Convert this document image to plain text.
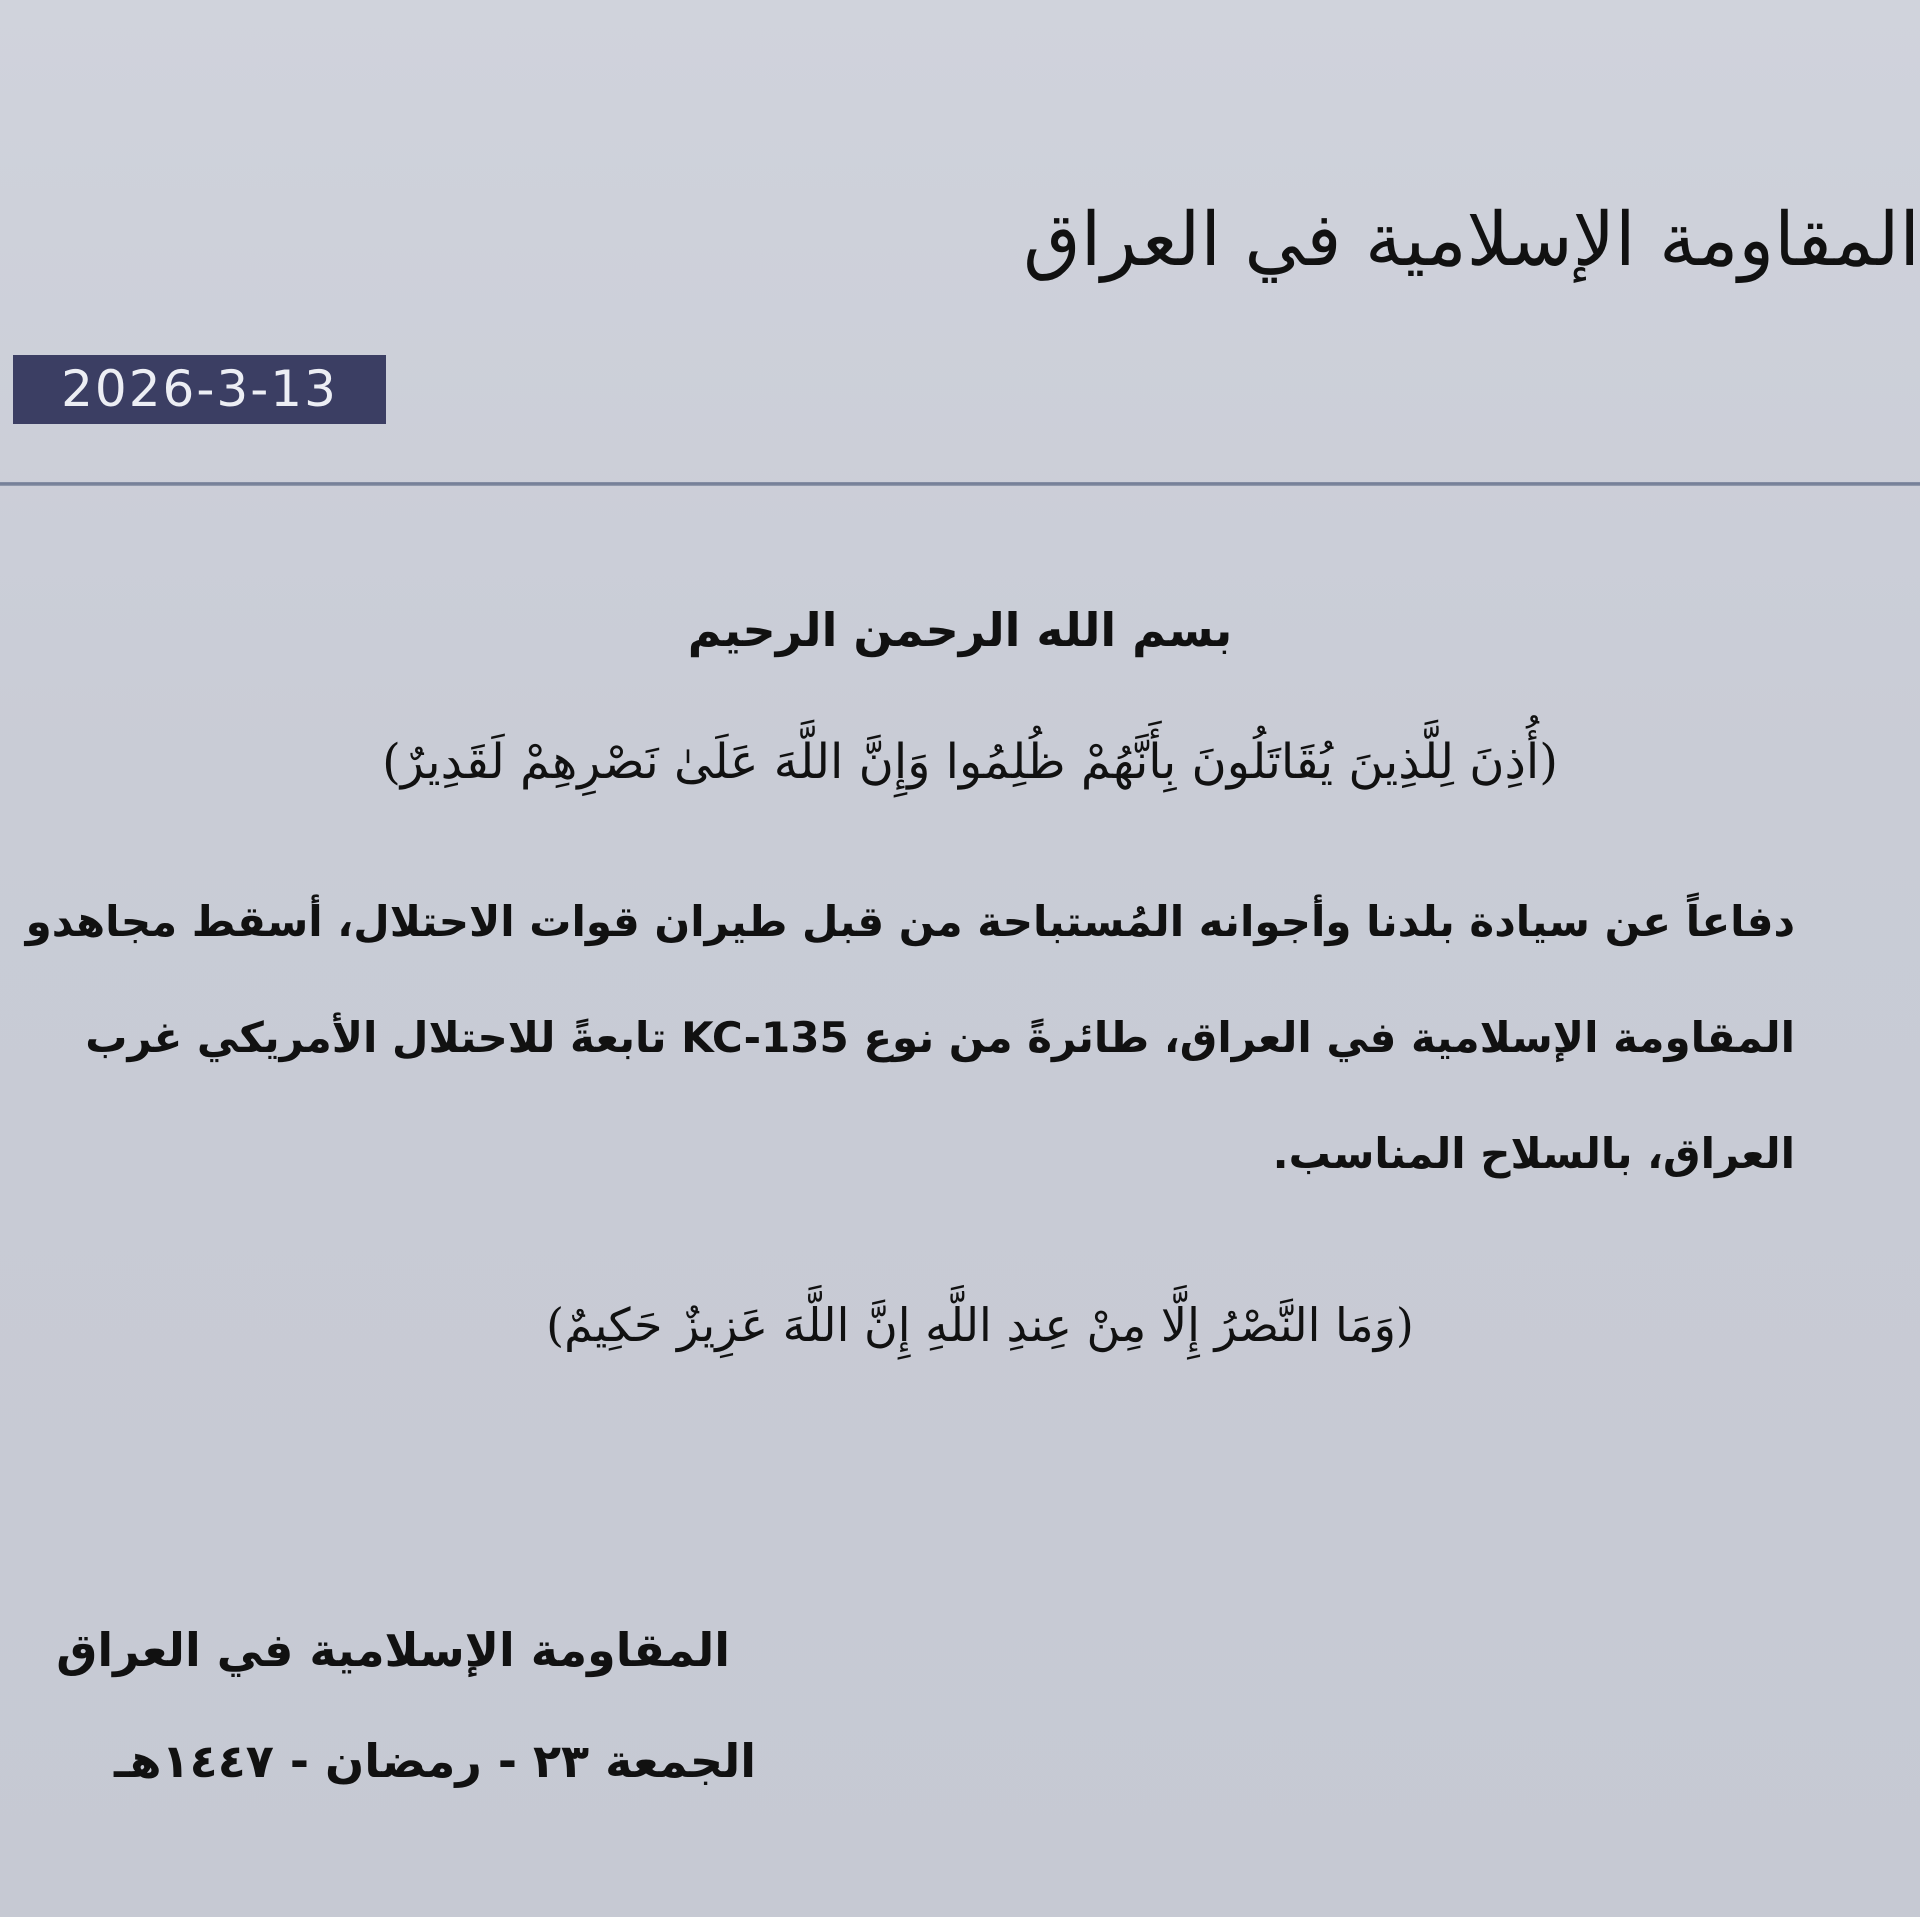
المقاومة الإسلامية في العراق
2026-3-13
بسم الله الرحمن الرحيم
(أُذِنَ لِلَّذِينَ يُقَاتَلُونَ بِأَنَّهُمْ ظُلِمُوا وَإِنَّ اللَّهَ عَلَىٰ نَصْرِهِمْ لَقَدِيرٌ)
دفاعاً عن سيادة بلدنا وأجوانه المُستباحة من قبل طيران قوات الاحتلال، أسقط مجاهدو
المقاومة الإسلامية في العراق، طائرةً من نوع KC-135 تابعةً للاحتلال الأمريكي غرب
العراق، بالسلاح المناسب.
(وَمَا النَّصْرُ إِلَّا مِنْ عِندِ اللَّهِ إِنَّ اللَّهَ عَزِيزٌ حَكِيمٌ)
المقاومة الإسلامية في العراق
الجمعة ٢٣ - رمضان - ١٤٤٧هـ
